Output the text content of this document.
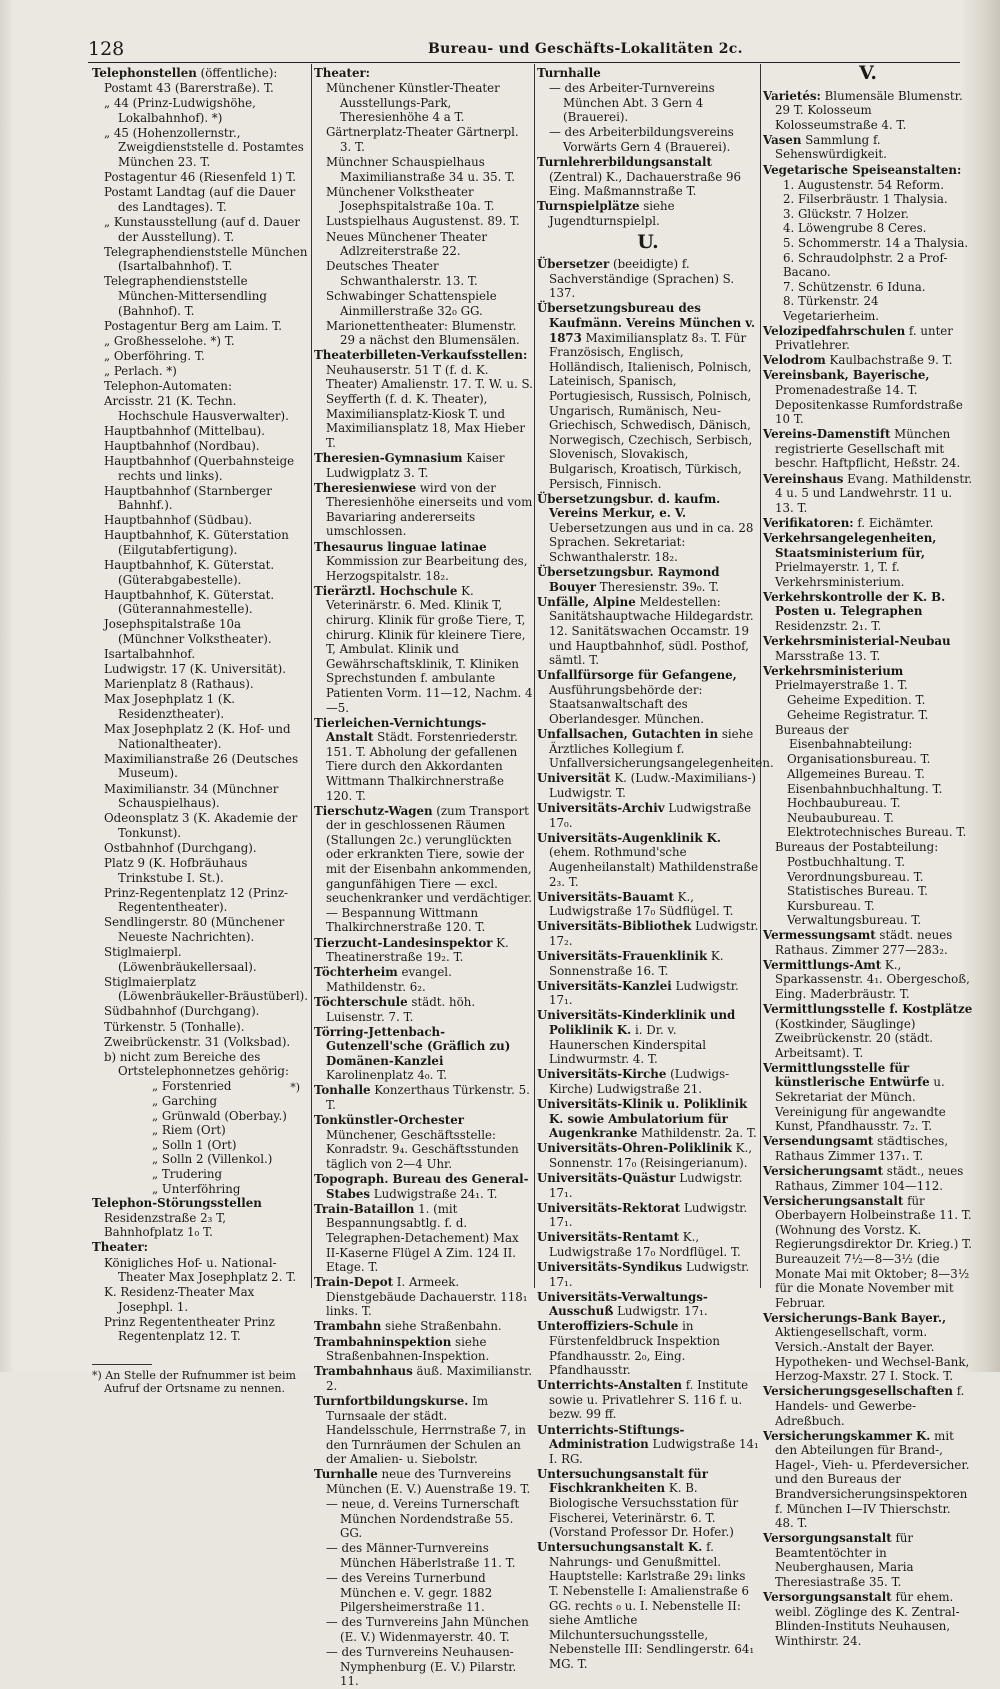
128	Bureau- und Geschäfts-Lokalitäten 2c.
Telephonstellen (öffentliche):
Postamt 43 (Barerstraße). T.
„ 44 (Prinz-Ludwigshöhe, Lokalbahnhof). *)
„ 45 (Hohenzollernstr., Zweigdienststelle d. Postamtes München 23. T.
Postagentur 46 (Riesenfeld 1) T.
Postamt Landtag (auf die Dauer des Landtages). T.
„ Kunstausstellung (auf d. Dauer der Ausstellung). T.
Telegraphendienststelle München (Isartalbahnhof). T.
Telegraphendienststelle München-Mittersendling (Bahnhof). T.
Postagentur Berg am Laim. T.
„ Großhesselohe. *) T.
„ Oberföhring. T.
„ Perlach. *)
Telephon-Automaten:
Arcisstr. 21 (K. Techn. Hochschule Hausverwalter).
Hauptbahnhof (Mittelbau).
Hauptbahnhof (Nordbau).
Hauptbahnhof (Querbahnsteige rechts und links).
Hauptbahnhof (Starnberger Bahnhf.).
Hauptbahnhof (Südbau).
Hauptbahnhof, K. Güterstation (Eilgutabfertigung).
Hauptbahnhof, K. Güterstat. (Güterabgabestelle).
Hauptbahnhof, K. Güterstat. (Güterannahmestelle).
Josephspitalstraße 10a (Münchner Volkstheater).
Isartalbahnhof.
Ludwigstr. 17 (K. Universität).
Marienplatz 8 (Rathaus).
Max Josephplatz 1 (K. Residenztheater).
Max Josephplatz 2 (K. Hof- und Nationaltheater).
Maximilianstraße 26 (Deutsches Museum).
Maximilianstr. 34 (Münchner Schauspielhaus).
Odeonsplatz 3 (K. Akademie der Tonkunst).
Ostbahnhof (Durchgang).
Platz 9 (K. Hofbräuhaus Trinkstube I. St.).
Prinz-Regentenplatz 12 (Prinz-Regententheater).
Sendlingerstr. 80 (Münchener Neueste Nachrichten).
Stiglmaierpl. (Löwenbräukellersaal).
Stiglmaierplatz (Löwenbräukeller-Bräustüberl).
Südbahnhof (Durchgang).
Türkenstr. 5 (Tonhalle).
Zweibrückenstr. 31 (Volksbad).
b) nicht zum Bereiche des Ortstelephonnetzes gehörig:
*)
„ Forstenried
„ Garching
„ Grünwald (Oberbay.)
„ Riem (Ort)
„ Solln 1 (Ort)
„ Solln 2 (Villenkol.)
„ Trudering
„ Unterföhring
Telephon-Störungsstellen Residenzstraße 2₃ T, Bahnhofplatz 1₀ T.
Theater:
Königliches Hof- u. National-Theater Max Josephplatz 2. T.
K. Residenz-Theater Max Josephpl. 1.
Prinz Regententheater Prinz Regentenplatz 12. T.
*) An Stelle der Rufnummer ist beim Aufruf der Ortsname zu nennen.
Theater:
Münchener Künstler-Theater Ausstellungs-Park, Theresienhöhe 4 a T.
Gärtnerplatz-Theater Gärtnerpl. 3. T.
Münchner Schauspielhaus Maximilianstraße 34 u. 35. T.
Münchener Volkstheater Josephspitalstraße 10a. T.
Lustspielhaus Augustenst. 89. T.
Neues Münchener Theater Adlzreiterstraße 22.
Deutsches Theater Schwanthalerstr. 13. T.
Schwabinger Schattenspiele Ainmillerstraße 32₀ GG.
Marionettentheater: Blumenstr. 29 a nächst den Blumensälen.
Theaterbilleten-Verkaufsstellen: Neuhauserstr. 51 T (f. d. K. Theater) Amalienstr. 17. T. W. u. S. Seyfferth (f. d. K. Theater), Maximiliansplatz-Kiosk T. und Maximiliansplatz 18, Max Hieber T.
Theresien-Gymnasium Kaiser Ludwigplatz 3. T.
Theresienwiese wird von der Theresienhöhe einerseits und vom Bavariaring andererseits umschlossen.
Thesaurus linguae latinae Kommission zur Bearbeitung des, Herzogspitalstr. 18₂.
Tierärztl. Hochschule K. Veterinärstr. 6. Med. Klinik T, chirurg. Klinik für große Tiere, T, chirurg. Klinik für kleinere Tiere, T, Ambulat. Klinik und Gewährschaftsklinik, T. Kliniken Sprechstunden f. ambulante Patienten Vorm. 11—12, Nachm. 4—5.
Tierleichen-Vernichtungs-Anstalt Städt. Forstenriederstr. 151. T. Abholung der gefallenen Tiere durch den Akkordanten Wittmann Thalkirchnerstraße 120. T.
Tierschutz-Wagen (zum Transport der in geschlossenen Räumen (Stallungen 2c.) verunglückten oder erkrankten Tiere, sowie der mit der Eisenbahn ankommenden, gangunfähigen Tiere — excl. seuchenkranker und verdächtiger. — Bespannung Wittmann Thalkirchnerstraße 120. T.
Tierzucht-Landesinspektor K. Theatinerstraße 19₂. T.
Töchterheim evangel. Mathildenstr. 6₂.
Töchterschule städt. höh. Luisenstr. 7. T.
Törring-Jettenbach-Gutenzell'sche (Gräflich zu) Domänen-Kanzlei Karolinenplatz 4₀. T.
Tonhalle Konzerthaus Türkenstr. 5. T.
Tonkünstler-Orchester Münchener, Geschäftsstelle: Konradstr. 9₄. Geschäftsstunden täglich von 2—4 Uhr.
Topograph. Bureau des General-Stabes Ludwigstraße 24₁. T.
Train-Bataillon 1. (mit Bespannungsabtlg. f. d. Telegraphen-Detachement) Max II-Kaserne Flügel A Zim. 124 II. Etage. T.
Train-Depot I. Armeek. Dienstgebäude Dachauerstr. 118₁ links. T.
Trambahn siehe Straßenbahn.
Trambahninspektion siehe Straßenbahnen-Inspektion.
Trambahnhaus äuß. Maximilianstr. 2.
Turnfortbildungskurse. Im Turnsaale der städt. Handelsschule, Herrnstraße 7, in den Turnräumen der Schulen an der Amalien- u. Siebolstr.
Turnhalle neue des Turnvereins München (E. V.) Auenstraße 19. T.
— neue, d. Vereins Turnerschaft München Nordendstraße 55. GG.
— des Männer-Turnvereins München Häberlstraße 11. T.
— des Vereins Turnerbund München e. V. gegr. 1882 Pilgersheimerstraße 11.
— des Turnvereins Jahn München (E. V.) Widenmayerstr. 40. T.
— des Turnvereins Neuhausen-Nymphenburg (E. V.) Pilarstr. 11.
Turnhalle
— des Arbeiter-Turnvereins München Abt. 3 Gern 4 (Brauerei).
— des Arbeiterbildungsvereins Vorwärts Gern 4 (Brauerei).
Turnlehrerbildungsanstalt (Zentral) K., Dachauerstraße 96 Eing. Maßmannstraße T.
Turnspielplätze siehe Jugendturnspielpl.
U.
Übersetzer (beeidigte) f. Sachverständige (Sprachen) S. 137.
Übersetzungsbureau des Kaufmänn. Vereins München v. 1873 Maximiliansplatz 8₃. T. Für Französisch, Englisch, Holländisch, Italienisch, Polnisch, Lateinisch, Spanisch, Portugiesisch, Russisch, Polnisch, Ungarisch, Rumänisch, Neu-Griechisch, Schwedisch, Dänisch, Norwegisch, Czechisch, Serbisch, Slovenisch, Slovakisch, Bulgarisch, Kroatisch, Türkisch, Persisch, Finnisch.
Übersetzungsbur. d. kaufm. Vereins Merkur, e. V. Uebersetzungen aus und in ca. 28 Sprachen. Sekretariat: Schwanthalerstr. 18₂.
Übersetzungsbur. Raymond Bouyer Theresienstr. 39₀. T.
Unfälle, Alpine Meldestellen: Sanitätshauptwache Hildegardstr. 12. Sanitätswachen Occamstr. 19 und Hauptbahnhof, südl. Posthof, sämtl. T.
Unfallfürsorge für Gefangene, Ausführungsbehörde der: Staatsanwaltschaft des Oberlandesger. München.
Unfallsachen, Gutachten in siehe Ärztliches Kollegium f. Unfallversicherungsangelegenheiten.
Universität K. (Ludw.-Maximilians-) Ludwigstr. T.
Universitäts-Archiv Ludwigstraße 17₀.
Universitäts-Augenklinik K. (ehem. Rothmund'sche Augenheilanstalt) Mathildenstraße 2₃. T.
Universitäts-Bauamt K., Ludwigstraße 17₀ Südflügel. T.
Universitäts-Bibliothek Ludwigstr. 17₂.
Universitäts-Frauenklinik K. Sonnenstraße 16. T.
Universitäts-Kanzlei Ludwigstr. 17₁.
Universitäts-Kinderklinik und Poliklinik K. i. Dr. v. Haunerschen Kinderspital Lindwurmstr. 4. T.
Universitäts-Kirche (Ludwigs-Kirche) Ludwigstraße 21.
Universitäts-Klinik u. Poliklinik K. sowie Ambulatorium für Augenkranke Mathildenstr. 2a. T.
Universitäts-Ohren-Poliklinik K., Sonnenstr. 17₀ (Reisingerianum).
Universitäts-Quästur Ludwigstr. 17₁.
Universitäts-Rektorat Ludwigstr. 17₁.
Universitäts-Rentamt K., Ludwigstraße 17₀ Nordflügel. T.
Universitäts-Syndikus Ludwigstr. 17₁.
Universitäts-Verwaltungs-Ausschuß Ludwigstr. 17₁.
Unteroffiziers-Schule in Fürstenfeldbruck Inspektion Pfandhausstr. 2₀, Eing. Pfandhausstr.
Unterrichts-Anstalten f. Institute sowie u. Privatlehrer S. 116 f. u. bezw. 99 ff.
Unterrichts-Stiftungs-Administration Ludwigstraße 14₁ I. RG.
Untersuchungsanstalt für Fischkrankheiten K. B. Biologische Versuchsstation für Fischerei, Veterinärstr. 6. T. (Vorstand Professor Dr. Hofer.)
Untersuchungsanstalt K. f. Nahrungs- und Genußmittel. Hauptstelle: Karlstraße 29₁ links T. Nebenstelle I: Amalienstraße 6 GG. rechts ₀ u. I. Nebenstelle II: siehe Amtliche Milchuntersuchungsstelle, Nebenstelle III: Sendlingerstr. 64₁ MG. T.
V.
Varietés: Blumensäle Blumenstr. 29 T. Kolosseum Kolosseumstraße 4. T.
Vasen Sammlung f. Sehenswürdigkeit.
Vegetarische Speiseanstalten:
1. Augustenstr. 54 Reform.
2. Filserbräustr. 1 Thalysia.
3. Glückstr. 7 Holzer.
4. Löwengrube 8 Ceres.
5. Schommerstr. 14 a Thalysia.
6. Schraudolphstr. 2 a Prof-Bacano.
7. Schützenstr. 6 Iduna.
8. Türkenstr. 24 Vegetarierheim.
Velozipedfahrschulen f. unter Privatlehrer.
Velodrom Kaulbachstraße 9. T.
Vereinsbank, Bayerische, Promenadestraße 14. T. Depositenkasse Rumfordstraße 10 T.
Vereins-Damenstift München registrierte Gesellschaft mit beschr. Haftpflicht, Heßstr. 24.
Vereinshaus Evang. Mathildenstr. 4 u. 5 und Landwehrstr. 11 u. 13. T.
Verifikatoren: f. Eichämter.
Verkehrsangelegenheiten, Staatsministerium für, Prielmayerstr. 1, T. f. Verkehrsministerium.
Verkehrskontrolle der K. B. Posten u. Telegraphen Residenzstr. 2₁. T.
Verkehrsministerial-Neubau Marsstraße 13. T.
Verkehrsministerium Prielmayerstraße 1. T.
Geheime Expedition. T.
Geheime Registratur. T.
Bureaus der Eisenbahnabteilung:
Organisationsbureau. T.
Allgemeines Bureau. T.
Eisenbahnbuchhaltung. T.
Hochbaubureau. T.
Neubaubureau. T.
Elektrotechnisches Bureau. T.
Bureaus der Postabteilung:
Postbuchhaltung. T.
Verordnungsbureau. T.
Statistisches Bureau. T.
Kursbureau. T.
Verwaltungsbureau. T.
Vermessungsamt städt. neues Rathaus. Zimmer 277—283₂.
Vermittlungs-Amt K., Sparkassenstr. 4₁. Obergeschoß, Eing. Maderbräustr. T.
Vermittlungsstelle f. Kostplätze (Kostkinder, Säuglinge) Zweibrückenstr. 20 (städt. Arbeitsamt). T.
Vermittlungsstelle für künstlerische Entwürfe u. Sekretariat der Münch. Vereinigung für angewandte Kunst, Pfandhausstr. 7₂. T.
Versendungsamt städtisches, Rathaus Zimmer 137₁. T.
Versicherungsamt städt., neues Rathaus, Zimmer 104—112.
Versicherungsanstalt für Oberbayern Holbeinstraße 11. T. (Wohnung des Vorstz. K. Regierungsdirektor Dr. Krieg.) T. Bureauzeit 7½—8—3½ (die Monate Mai mit Oktober; 8—3½ für die Monate November mit Februar.
Versicherungs-Bank Bayer., Aktiengesellschaft, vorm. Versich.-Anstalt der Bayer. Hypotheken- und Wechsel-Bank, Herzog-Maxstr. 27 I. Stock. T.
Versicherungsgesellschaften f. Handels- und Gewerbe-Adreßbuch.
Versicherungskammer K. mit den Abteilungen für Brand-, Hagel-, Vieh- u. Pferdeversicher. und den Bureaus der Brandversicherungsinspektoren f. München I—IV Thierschstr. 48. T.
Versorgungsanstalt für Beamtentöchter in Neuberghausen, Maria Theresiastraße 35. T.
Versorgungsanstalt für ehem. weibl. Zöglinge des K. Zentral-Blinden-Instituts Neuhausen, Winthirstr. 24.
